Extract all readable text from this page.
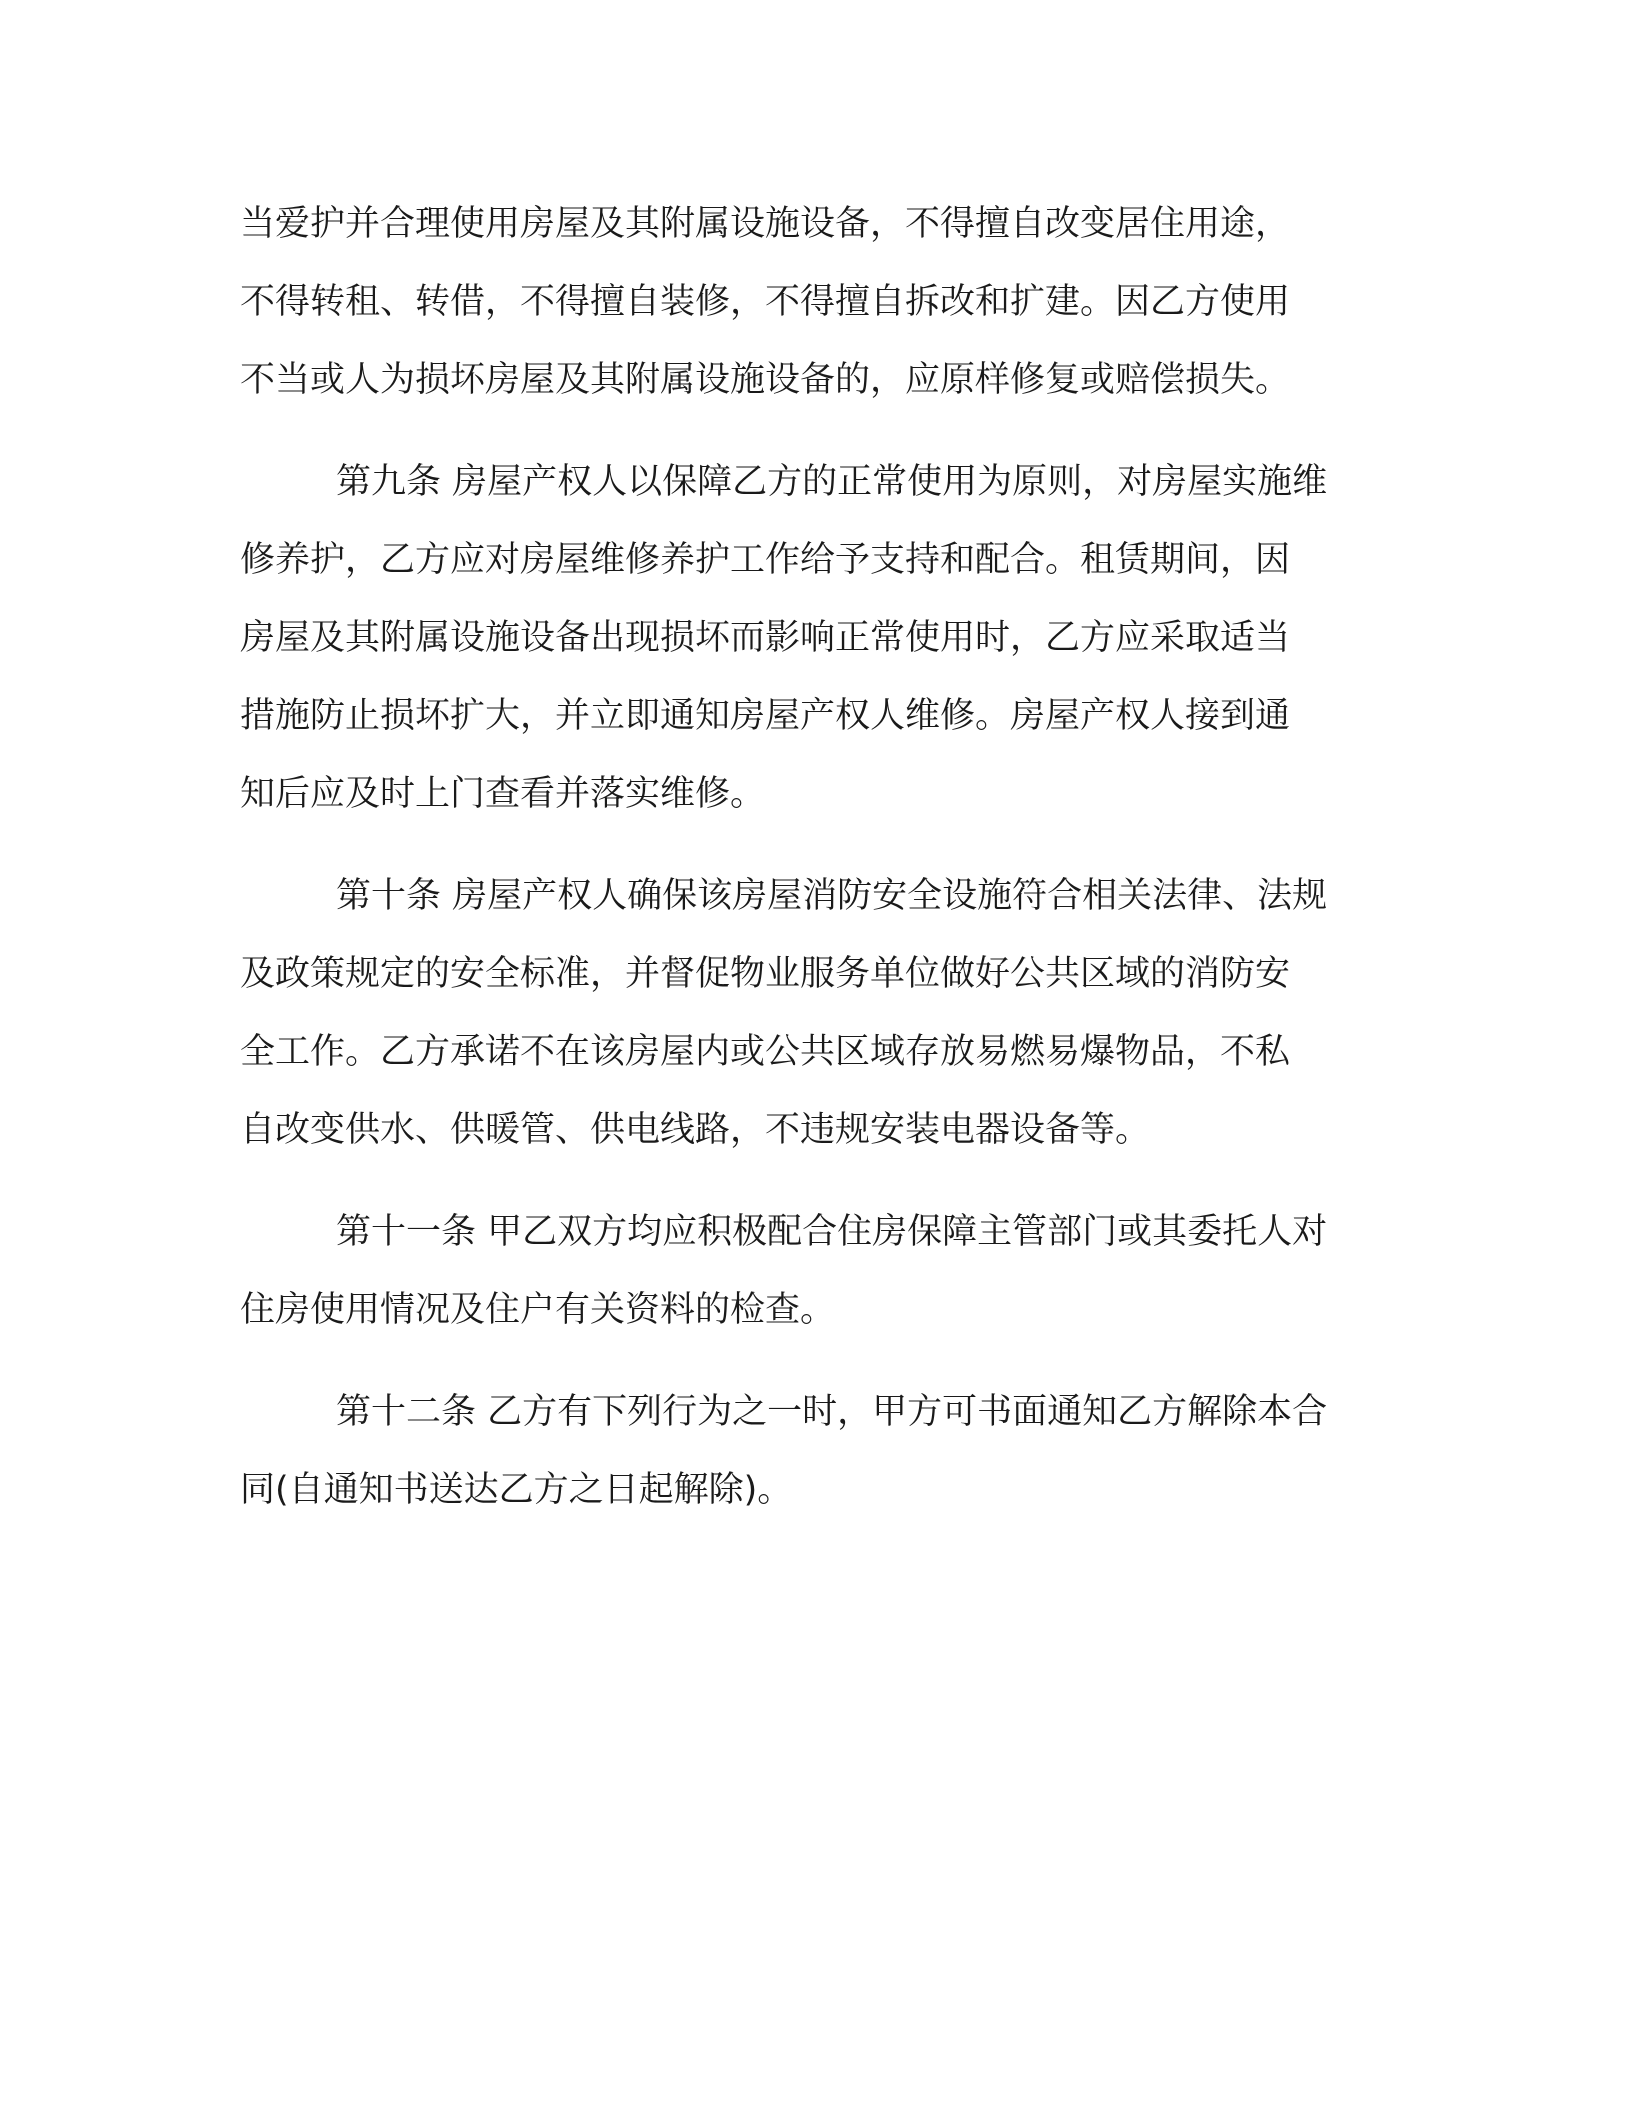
当爱护并合理使用房屋及其附属设施设备，不得擅自改变居住用途，
不得转租、转借，不得擅自装修，不得擅自拆改和扩建。因乙方使用
不当或人为损坏房屋及其附属设施设备的，应原样修复或赔偿损失。
第九条 房屋产权人以保障乙方的正常使用为原则，对房屋实施维
修养护，乙方应对房屋维修养护工作给予支持和配合。租赁期间，因
房屋及其附属设施设备出现损坏而影响正常使用时，乙方应采取适当
措施防止损坏扩大，并立即通知房屋产权人维修。房屋产权人接到通
知后应及时上门查看并落实维修。
第十条 房屋产权人确保该房屋消防安全设施符合相关法律、法规
及政策规定的安全标准，并督促物业服务单位做好公共区域的消防安
全工作。乙方承诺不在该房屋内或公共区域存放易燃易爆物品，不私
自改变供水、供暖管、供电线路，不违规安装电器设备等。
第十一条 甲乙双方均应积极配合住房保障主管部门或其委托人对
住房使用情况及住户有关资料的检查。
第十二条 乙方有下列行为之一时，甲方可书面通知乙方解除本合
同(自通知书送达乙方之日起解除)。
